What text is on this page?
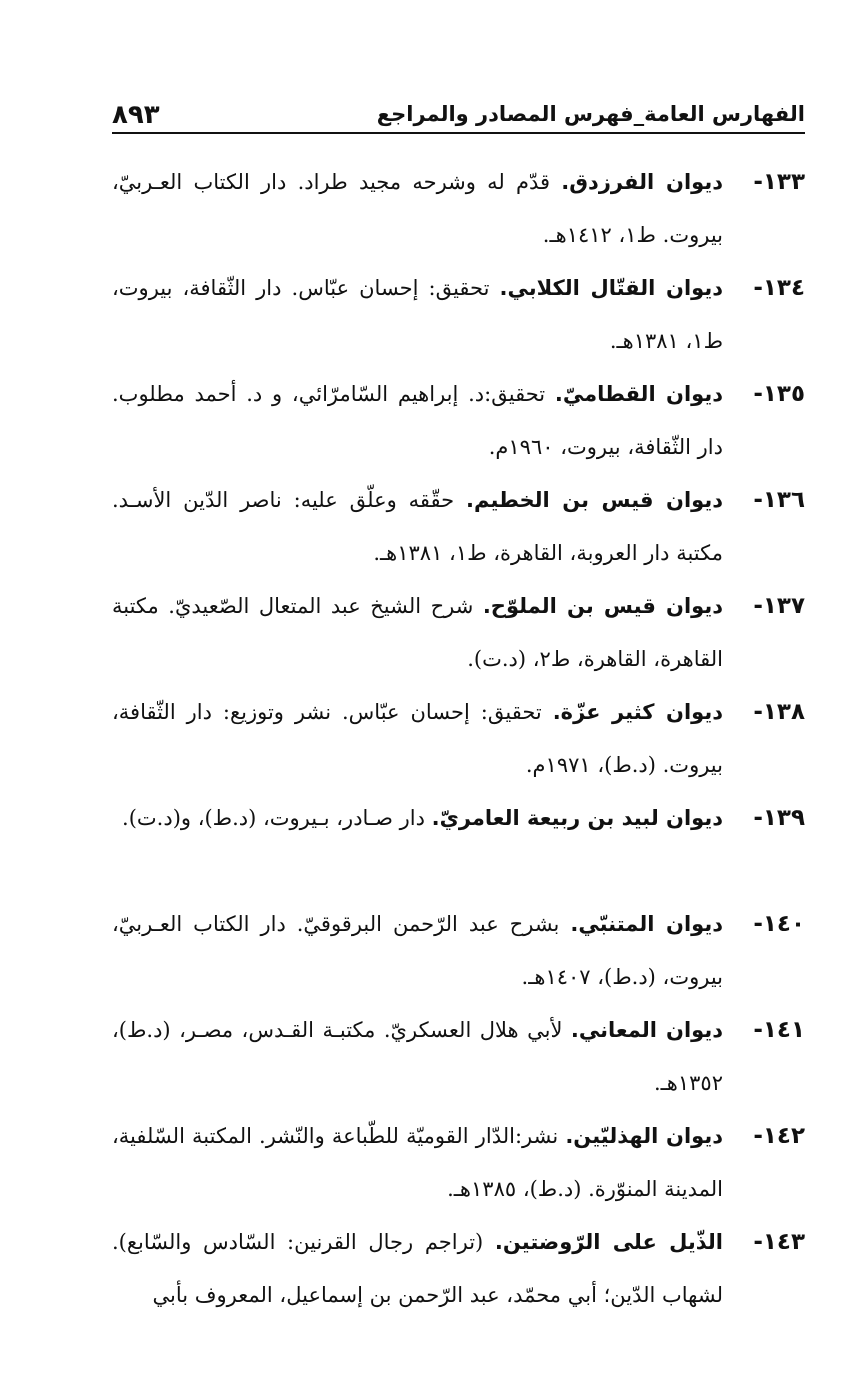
الفهارس العامة_فهرس المصادر والمراجع
٨٩٣
١٣٣-
ديوان الفرزدق. قدّم له وشرحه مجيد طراد. دار الكتاب العـربيّ، بيروت. ط١، ١٤١٢هـ.
١٣٤-
ديوان القتّال الكلابي. تحقيق: إحسان عبّاس. دار الثّقافة، بيروت، ط١، ١٣٨١هـ.
١٣٥-
ديوان القطاميّ. تحقيق:د. إبراهيم السّامرّائي، و د. أحمد مطلوب. دار الثّقافة، بيروت، ١٩٦٠م.
١٣٦-
ديوان قيس بن الخطيم. حقّقه وعلّق عليه: ناصر الدّين الأسـد. مكتبة دار العروبة، القاهرة، ط١، ١٣٨١هـ.
١٣٧-
ديوان قيس بن الملوّح. شرح الشيخ عبد المتعال الصّعيديّ. مكتبة القاهرة، القاهرة، ط٢، (د.ت).
١٣٨-
ديوان كثير عزّة. تحقيق: إحسان عبّاس. نشر وتوزيع: دار الثّقافة، بيروت. (د.ط)، ١٩٧١م.
١٣٩-
ديوان لبيد بن ربيعة العامريّ. دار صـادر، بـيروت، (د.ط)، و(د.ت).
١٤٠-
ديوان المتنبّي. بشرح عبد الرّحمن البرقوقيّ. دار الكتاب العـربيّ، بيروت، (د.ط)، ١٤٠٧هـ.
١٤١-
ديوان المعاني. لأبي هلال العسكريّ. مكتبـة القـدس، مصـر، (د.ط)، ١٣٥٢هـ.
١٤٢-
ديوان الهذليّين. نشر:الدّار القوميّة للطّباعة والنّشر. المكتبة السّلفية، المدينة المنوّرة. (د.ط)، ١٣٨٥هـ.
١٤٣-
الذّيل على الرّوضتين. (تراجم رجال القرنين: السّادس والسّابع). لشهاب الدّين؛ أبي محمّد، عبد الرّحمن بن إسماعيل، المعروف بأبي
